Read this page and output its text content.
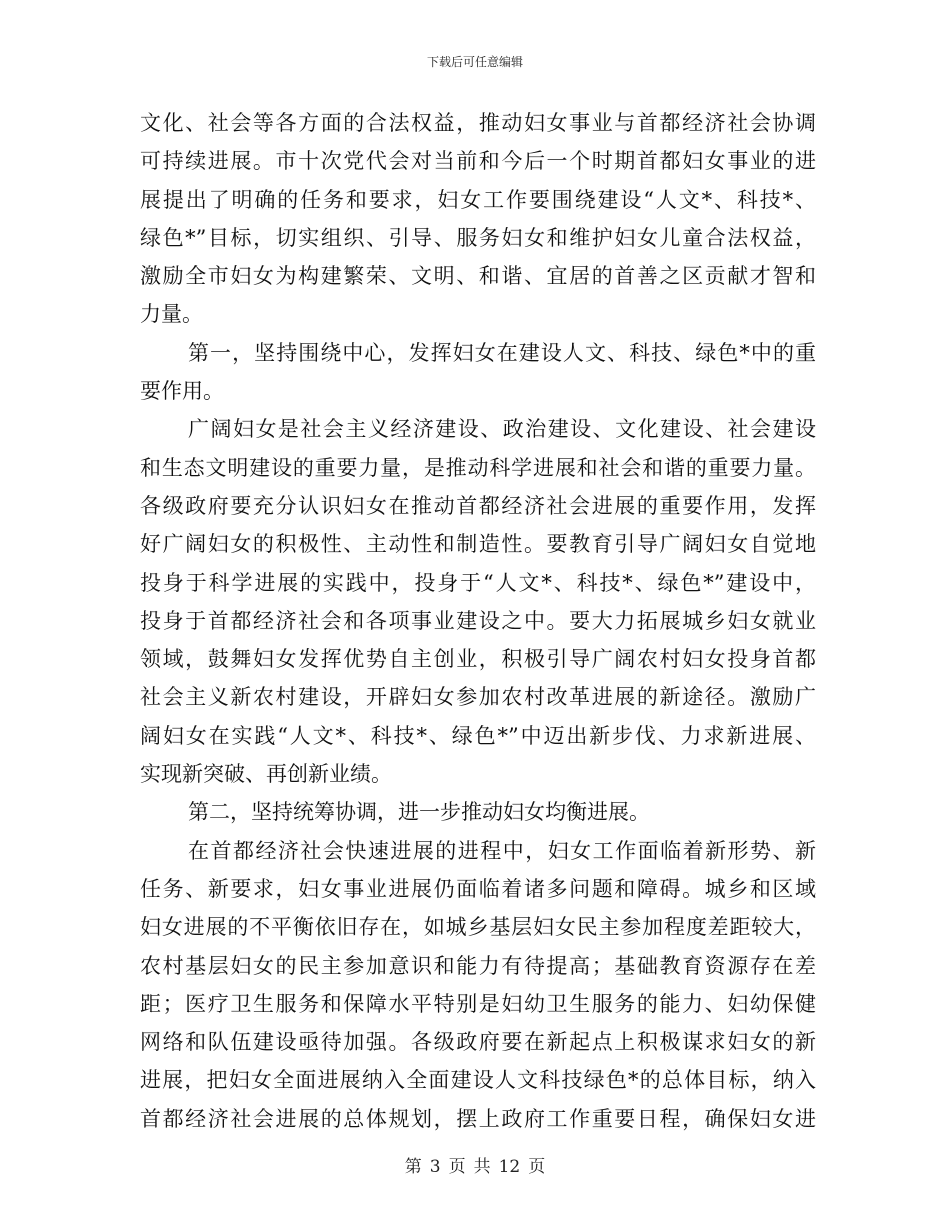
下载后可任意编辑
文化、社会等各方面的合法权益，推动妇女事业与首都经济社会协调
可持续进展。市十次党代会对当前和今后一个时期首都妇女事业的进
展提出了明确的任务和要求，妇女工作要围绕建设“人文*、科技*、
绿色*”目标，切实组织、引导、服务妇女和维护妇女儿童合法权益，
激励全市妇女为构建繁荣、文明、和谐、宜居的首善之区贡献才智和
力量。
第一，坚持围绕中心，发挥妇女在建设人文、科技、绿色*中的重
要作用。
广阔妇女是社会主义经济建设、政治建设、文化建设、社会建设
和生态文明建设的重要力量，是推动科学进展和社会和谐的重要力量。
各级政府要充分认识妇女在推动首都经济社会进展的重要作用，发挥
好广阔妇女的积极性、主动性和制造性。要教育引导广阔妇女自觉地
投身于科学进展的实践中，投身于“人文*、科技*、绿色*”建设中，
投身于首都经济社会和各项事业建设之中。要大力拓展城乡妇女就业
领域，鼓舞妇女发挥优势自主创业，积极引导广阔农村妇女投身首都
社会主义新农村建设，开辟妇女参加农村改革进展的新途径。激励广
阔妇女在实践“人文*、科技*、绿色*”中迈出新步伐、力求新进展、
实现新突破、再创新业绩。
第二，坚持统筹协调，进一步推动妇女均衡进展。
在首都经济社会快速进展的进程中，妇女工作面临着新形势、新
任务、新要求，妇女事业进展仍面临着诸多问题和障碍。城乡和区域
妇女进展的不平衡依旧存在，如城乡基层妇女民主参加程度差距较大，
农村基层妇女的民主参加意识和能力有待提高；基础教育资源存在差
距；医疗卫生服务和保障水平特别是妇幼卫生服务的能力、妇幼保健
网络和队伍建设亟待加强。各级政府要在新起点上积极谋求妇女的新
进展，把妇女全面进展纳入全面建设人文科技绿色*的总体目标，纳入
首都经济社会进展的总体规划，摆上政府工作重要日程，确保妇女进
第 3 页 共 12 页
